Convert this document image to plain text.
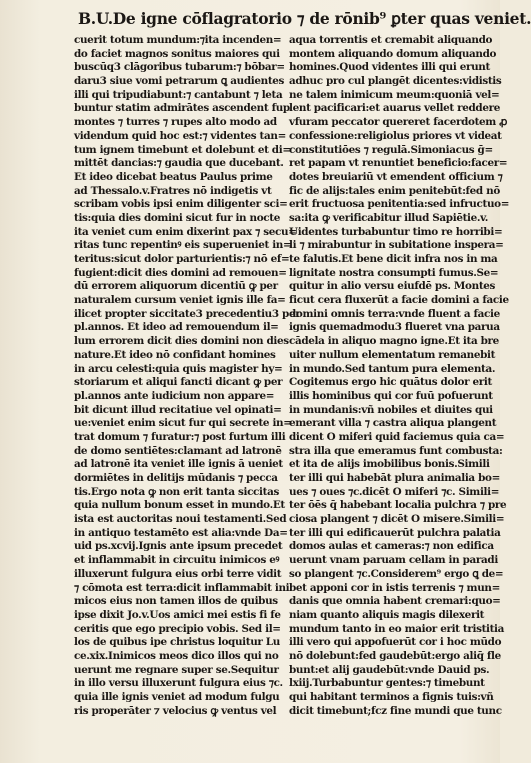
B.U.De igne cōflagratorio ⁊ de rōnib⁹ ꝑter quas veniet.
cuerit totum mundum:⁊ita incenden=
do faciet magnos sonitus maiores qui
buscūq3 clāgoribus tubarum:⁊ bōbar=
daru3 siue vomi petrarum ꝗ audientes
illi qui tripudiabunt:⁊ cantabunt ⁊ leta
buntur statim admirātes ascendent fup
montes ⁊ turres ⁊ rupes alto modo ad
videndum quid hoc est:⁊ videntes tan=
tum ignem timebunt et dolebunt et di=
mittēt dancias:⁊ gaudia que ducebant.
Et ideo dicebat beatus Paulus prime
ad Thessalo.v.Fratres nō indigetis vt
scribam vobis ipsi enim diligenter sci=
tis:quia dies domini sicut fur in nocte
ita veniet cum enim dixerint pax ⁊ secu=
ritas tunc repentinꝰ eis superueniet in=
teritus:sicut dolor parturientis:⁊ nō ef=
fugient:dicit dies domini ad remouen=
dū errorem aliquorum dicentiū ꝙ per
naturalem cursum veniet ignis ille fa=
ilicet propter siccitate3 precedentiu3 per
pl.annos. Et ideo ad remouendum il=
lum errorem dicit dies domini non dies
nature.Et ideo nō confidant homines
in arcu celesti:quia quis magister hy=
storiarum et aliqui fancti dicant ꝙ per
pl.annos ante iudicium non appare=
bit dicunt illud recitatiue vel opinati=
ue:veniet enim sicut fur qui secrete in=
trat domum ⁊ furatur:⁊ post furtum illi
de domo sentiētes:clamant ad latronē
ad latronē ita veniet ille ignis ā ueniet
dormiētes in delitijs mūdanis ⁊ pecca
tis.Ergo nota ꝙ non erit tanta siccitas
quia nullum bonum esset in mundo.Et
ista est auctoritas noui testamenti.Sed
in antiquo testamēto est alia:vnde Da=
uid ps.xcvij.Ignis ante ipsum precedet
et inflammabit in circuitu inimicos eꝰ
illuxerunt fulgura eius orbi terre vidit
⁊ cōmota est terra:dicit inflammabit ini
micos eius non tamen illos de quibus
ipse dixit Jo.v.Uos amici mei estis fi fe
ceritis que ego precipio vobis. Sed il=
los de quibus ipe christus loquitur Lu
ce.xix.Inimicos meos dico illos qui no
uerunt me regnare super se.Sequitur
in illo versu illuxerunt fulgura eius ⁊c.
quia ille ignis veniet ad modum fulgu
ris properāter ⁊ velocius ꝙ ventus vel
aqua torrentis et cremabit aliquando
montem aliquando domum aliquando
homines.Quod videntes illi qui erunt
adhuc pro cul plangēt dicentes:vidistis
ne talem inimicum meum:quoniā vel=
lent pacificari:et auarus vellet reddere
vfuram peccator quereret facerdotem ꝓ
confessione:religiolus priores vt videat
constitutiōes ⁊ regulā.Simoniacus ḡ=
ret papam vt renuntiet beneficio:facer=
dotes breuiariū vt emendent officium ⁊
fic de alijs:tales enim penitebūt:fed nō
erit fructuosa penitentia:sed infructuo=
sa:ita ꝙ verificabitur illud Sapiētie.v.
Uidentes turbabuntur timo re horribi=
li ⁊ mirabuntur in subitatione inspera=
te falutis.Et bene dicit infra nos in ma
lignitate nostra consumpti fumus.Se=
quitur in alio versu eiufdē ps. Montes
ficut cera fluxerūt a facie domini a facie
domini omnis terra:vnde fluent a facie
ignis quemadmodu3 flueret vna parua
cādela in aliquo magno igne.Et ita bre
uiter nullum elementatum remanebit
in mundo.Sed tantum pura elementa.
Cogitemus ergo hic quātus dolor erit
illis hominibus qui cor fuū pofuerunt
in mundanis:vñ nobiles et diuites qui
emerant villa ⁊ castra aliqua plangent
dicent O miferi quid faciemus quia ca=
stra illa que emeramus funt combusta:
et ita de alijs imobilibus bonis.Simili
ter illi qui habebāt plura animalia bo=
ues ⁊ oues ⁊c.dicēt O miferi ⁊c. Simili=
ter ōēs q̄ habebant localia pulchra ⁊ pre
ciosa plangent ⁊ dicēt O misere.Simili=
ter illi qui edificauerūt pulchra palatia
domos aulas et cameras:⁊ non edifica
uerunt vnam paruam cellam in paradi
so plangent ⁊c.Considerem⁹ ergo ꝗ de=
bet apponi cor in istis terrenis ⁊ mun=
danis que omnia habent cremari:quo=
niam quanto aliquis magis dilexerit
mundum tanto in eo maior erit tristitia
illi vero qui appofuerūt cor i hoc mūdo
nō dolebunt:fed gaudebūt:ergo aliq̄ fle
bunt:et alij gaudebūt:vnde Dauid ps.
lxiij.Turbabuntur gentes:⁊ timebunt
qui habitant terminos a fignis tuis:vñ
dicit timebunt;fcz fine mundi que tunc
